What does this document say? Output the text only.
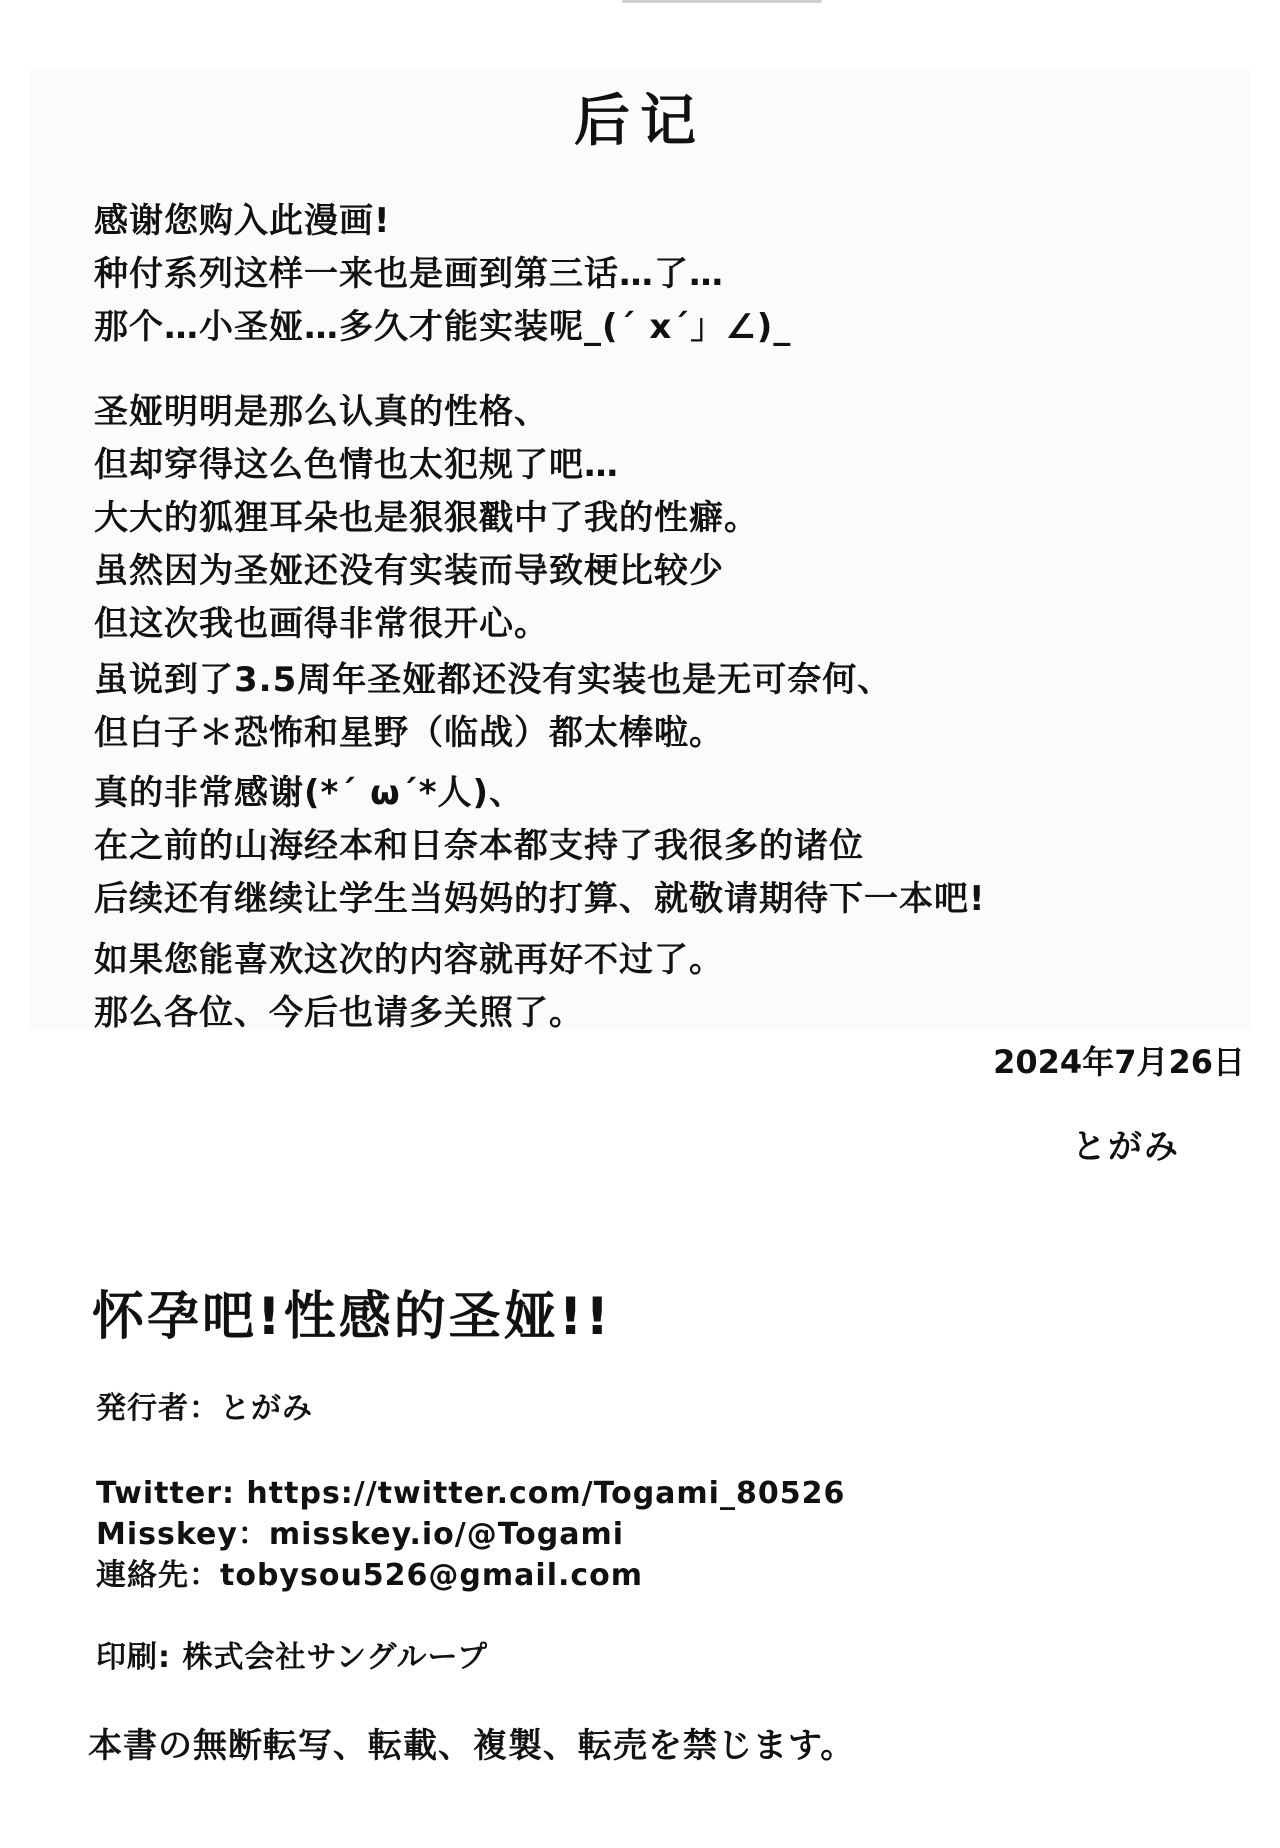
后记
感谢您购入此漫画!
种付系列这样一来也是画到第三话…了…
那个…小圣娅…多久才能实装呢_(´ x´」∠)_
圣娅明明是那么认真的性格、
但却穿得这么色情也太犯规了吧…
大大的狐狸耳朵也是狠狠戳中了我的性癖。
虽然因为圣娅还没有实装而导致梗比较少
但这次我也画得非常很开心。
虽说到了3.5周年圣娅都还没有实装也是无可奈何、
但白子＊恐怖和星野（临战）都太棒啦。
真的非常感谢(*´ ω´*人)、
在之前的山海经本和日奈本都支持了我很多的诸位
后续还有继续让学生当妈妈的打算、就敬请期待下一本吧!
如果您能喜欢这次的内容就再好不过了。
那么各位、今后也请多关照了。
2024年7月26日
とがみ
怀孕吧!性感的圣娅!!
発行者：とがみ
Twitter: https://twitter.com/Togami_80526
Misskey：misskey.io/@Togami
連絡先：tobysou526@gmail.com
印刷: 株式会社サングループ
本書の無断転写、転載、複製、転売を禁じます。
